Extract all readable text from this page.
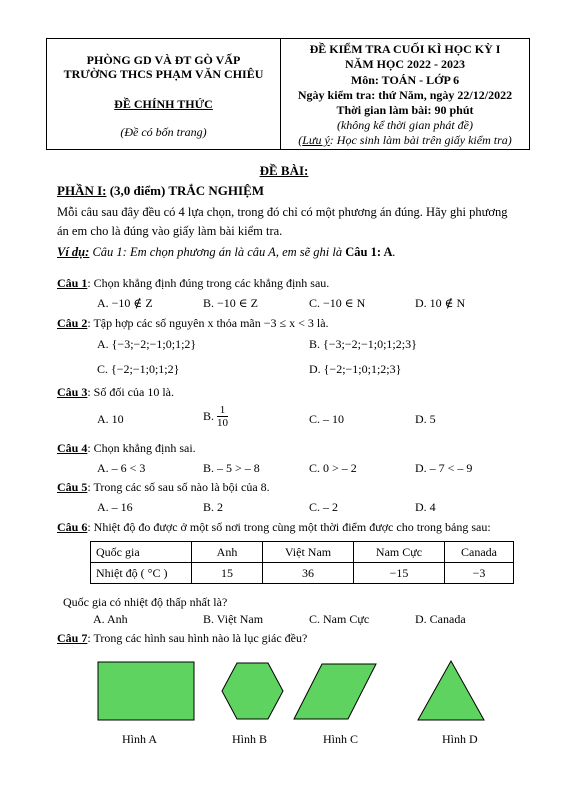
PHÒNG GD VÀ ĐT GÒ VẤP
TRƯỜNG THCS PHẠM VĂN CHIÊU
ĐỀ CHÍNH THỨC
(Đề có bốn trang)
ĐỀ KIỂM TRA CUỐI KÌ HỌC KỲ I
NĂM HỌC 2022 - 2023
Môn: TOÁN - LỚP 6
Ngày kiểm tra: thứ Năm, ngày 22/12/2022
Thời gian làm bài: 90 phút
(không kể thời gian phát đề)
(Lưu ý: Học sinh làm bài trên giấy kiểm tra)
ĐỀ BÀI:
PHẦN I: (3,0 điểm) TRẮC NGHIỆM
Mỗi câu sau đây đều có 4 lựa chọn, trong đó chỉ có một phương án đúng. Hãy ghi phương
án em cho là đúng vào giấy làm bài kiểm tra.
Ví dụ: Câu 1: Em chọn phương án là câu A, em sẽ ghi là Câu 1: A.
Câu 1: Chọn khẳng định đúng trong các khẳng định sau.
A. −10 ∉ Z	B. −10 ∈ Z	C. −10 ∈ N	D. 10 ∉ N
Câu 2: Tập hợp các số nguyên x thỏa mãn −3 ≤ x < 3 là.
A. {−3;−2;−1;0;1;2}	B. {−3;−2;−1;0;1;2;3}
C. {−2;−1;0;1;2}	D. {−2;−1;0;1;2;3}
Câu 3: Số đối của 10 là.
A. 10	B. $\frac{1}{10}$	C. – 10	D. 5
Câu 4: Chọn khẳng định sai.
A. – 6 < 3	B. – 5 > – 8	C. 0 > – 2	D. – 7 < – 9
Câu 5: Trong các số sau số nào là bội của 8.
A. – 16	B. 2	C. – 2	D. 4
Câu 6: Nhiệt độ đo được ở một số nơi trong cùng một thời điểm được cho trong bảng sau:
Quốc gia	Anh	Việt Nam	Nam Cực	Canada
Nhiệt độ ( °C )	15	36	−15	−3
Quốc gia có nhiệt độ thấp nhất là?
A. Anh	B. Việt Nam	C. Nam Cực	D. Canada
Câu 7: Trong các hình sau hình nào là lục giác đều?
Hình A	Hình B	Hình C	Hình D
